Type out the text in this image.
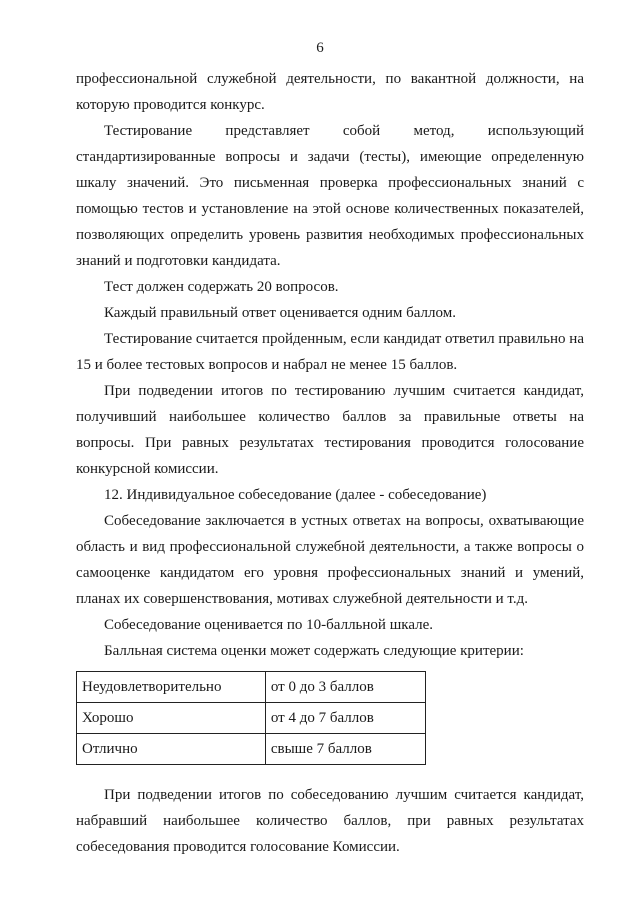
6

профессиональной служебной деятельности, по вакантной должности, на которую проводится конкурс.

Тестирование представляет собой метод, использующий стандартизированные вопросы и задачи (тесты), имеющие определенную шкалу значений. Это письменная проверка профессиональных знаний с помощью тестов и установление на этой основе количественных показателей, позволяющих определить уровень развития необходимых профессиональных знаний и подготовки кандидата.

Тест должен содержать 20 вопросов.

Каждый правильный ответ оценивается одним баллом.

Тестирование считается пройденным, если кандидат ответил правильно на 15 и более тестовых вопросов и набрал не менее 15 баллов.

При подведении итогов по тестированию лучшим считается кандидат, получивший наибольшее количество баллов за правильные ответы на вопросы. При равных результатах тестирования проводится голосование конкурсной комиссии.

12. Индивидуальное собеседование (далее - собеседование)

Собеседование заключается в устных ответах на вопросы, охватывающие область и вид профессиональной служебной деятельности, а также вопросы о самооценке кандидатом его уровня профессиональных знаний и умений, планах их совершенствования, мотивах служебной деятельности и т.д.

Собеседование оценивается по 10-балльной шкале.

Балльная система оценки может содержать следующие критерии:

Неудовлетворительно	от 0 до 3 баллов
Хорошо	от 4 до 7 баллов
Отлично	свыше 7 баллов

При подведении итогов по собеседованию лучшим считается кандидат, набравший наибольшее количество баллов, при равных результатах собеседования проводится голосование Комиссии.
